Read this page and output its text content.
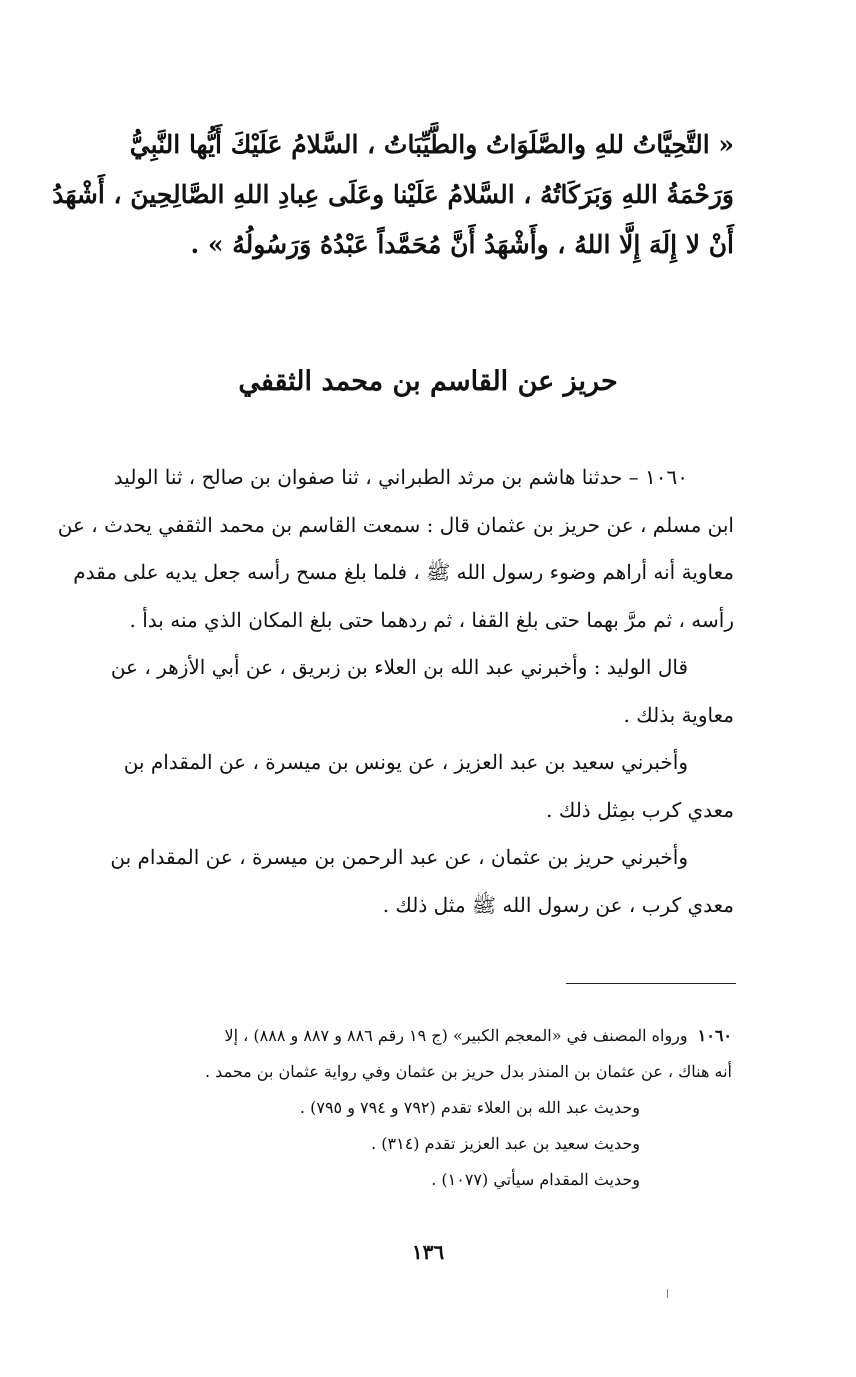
« التَّحِيَّاتُ للهِ والصَّلَوَاتُ والطَّيِّبَاتُ ، السَّلامُ عَلَيْكَ أَيُّها النَّبِيُّ
وَرَحْمَةُ اللهِ وَبَرَكَاتُهُ ، السَّلامُ عَلَيْنا وعَلَى عِبادِ اللهِ الصَّالِحِينَ ، أَشْهَدُ
أَنْ لا إِلَهَ إِلَّا اللهُ ، وأَشْهَدُ أَنَّ مُحَمَّداً عَبْدُهُ وَرَسُولُهُ » .
حريز عن القاسم بن محمد الثقفي
١٠٦٠ – حدثنا هاشم بن مرثد الطبراني ، ثنا صفوان بن صالح ، ثنا الوليد
ابن مسلم ، عن حريز بن عثمان قال : سمعت القاسم بن محمد الثقفي يحدث ، عن
معاوية أنه أراهم وضوء رسول الله ﷺ ، فلما بلغ مسح رأسه جعل يديه على مقدم
رأسه ، ثم مرَّ بهما حتى بلغ القفا ، ثم ردهما حتى بلغ المكان الذي منه بدأ .
قال الوليد : وأخبرني عبد الله بن العلاء بن زبريق ، عن أبي الأزهر ، عن
معاوية بذلك .
وأخبرني سعيد بن عبد العزيز ، عن يونس بن ميسرة ، عن المقدام بن
معدي كرب بمِثل ذلك .
وأخبرني حريز بن عثمان ، عن عبد الرحمن بن ميسرة ، عن المقدام بن
معدي كرب ، عن رسول الله ﷺ مثل ذلك .
١٠٦٠ورواه المصنف في «المعجم الكبير» (ج ١٩ رقم ٨٨٦ و ٨٨٧ و ٨٨٨) ، إلا
أنه هناك ، عن عثمان بن المنذر بدل حريز بن عثمان وفي رواية عثمان بن محمد .
وحديث عبد الله بن العلاء تقدم (٧٩٢ و ٧٩٤ و ٧٩٥) .
وحديث سعيد بن عبد العزيز تقدم (٣١٤) .
وحديث المقدام سيأتي (١٠٧٧) .
١٣٦
